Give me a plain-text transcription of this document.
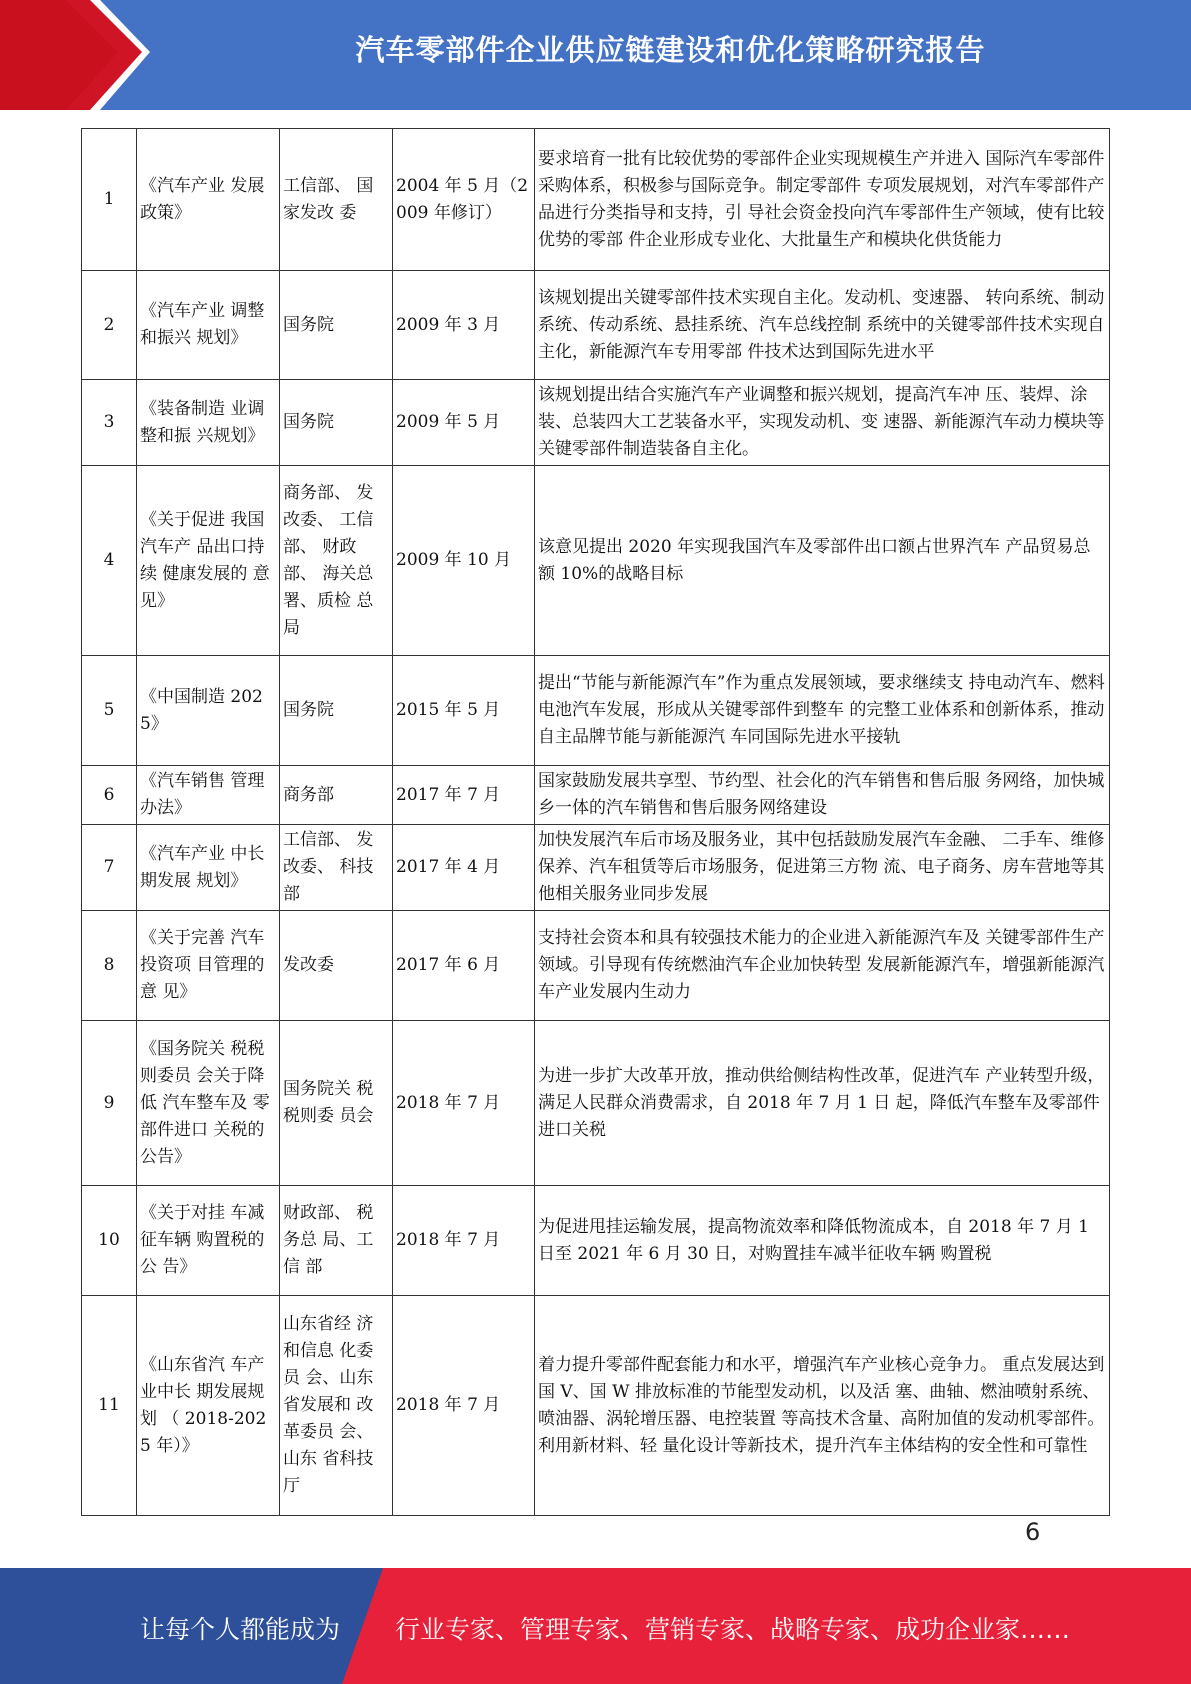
汽车零部件企业供应链建设和优化策略研究报告
1	《汽车产业 发展政策》	工信部、 国家发改 委	2004 年 5 月（2009 年修订）	要求培育一批有比较优势的零部件企业实现规模生产并进入 国际汽车零部件采购体系，积极参与国际竞争。制定零部件 专项发展规划，对汽车零部件产品进行分类指导和支持，引 导社会资金投向汽车零部件生产领域，使有比较优势的零部 件企业形成专业化、大批量生产和模块化供货能力
2	《汽车产业 调整和振兴 规划》	国务院	2009 年 3 月	该规划提出关键零部件技术实现自主化。发动机、变速器、 转向系统、制动系统、传动系统、悬挂系统、汽车总线控制 系统中的关键零部件技术实现自主化，新能源汽车专用零部 件技术达到国际先进水平
3	《装备制造 业调整和振 兴规划》	国务院	2009 年 5 月	该规划提出结合实施汽车产业调整和振兴规划，提高汽车冲 压、装焊、涂装、总装四大工艺装备水平，实现发动机、变 速器、新能源汽车动力模块等关键零部件制造装备自主化。
4	《关于促进 我国汽车产 品出口持续 健康发展的 意见》	商务部、 发改委、 工信部、 财政部、 海关总署、质检 总局	2009 年 10 月	该意见提出 2020 年实现我国汽车及零部件出口额占世界汽车 产品贸易总额 10%的战略目标
5	《中国制造 2025》	国务院	2015 年 5 月	提出“节能与新能源汽车”作为重点发展领域，要求继续支 持电动汽车、燃料电池汽车发展，形成从关键零部件到整车 的完整工业体系和创新体系，推动自主品牌节能与新能源汽 车同国际先进水平接轨
6	《汽车销售 管理办法》	商务部	2017 年 7 月	国家鼓励发展共享型、节约型、社会化的汽车销售和售后服 务网络，加快城乡一体的汽车销售和售后服务网络建设
7	《汽车产业 中长期发展 规划》	工信部、 发改委、 科技部	2017 年 4 月	加快发展汽车后市场及服务业，其中包括鼓励发展汽车金融、 二手车、维修保养、汽车租赁等后市场服务，促进第三方物 流、电子商务、房车营地等其他相关服务业同步发展
8	《关于完善 汽车投资项 目管理的意 见》	发改委	2017 年 6 月	支持社会资本和具有较强技术能力的企业进入新能源汽车及 关键零部件生产领域。引导现有传统燃油汽车企业加快转型 发展新能源汽车，增强新能源汽车产业发展内生动力
9	《国务院关 税税则委员 会关于降低 汽车整车及 零部件进口 关税的公告》	国务院关 税税则委 员会	2018 年 7 月	为进一步扩大改革开放，推动供给侧结构性改革，促进汽车 产业转型升级，满足人民群众消费需求，自 2018 年 7 月 1 日 起，降低汽车整车及零部件进口关税
10	《关于对挂 车减征车辆 购置税的公 告》	财政部、 税务总 局、工信 部	2018 年 7 月	为促进甩挂运输发展，提高物流效率和降低物流成本，自 2018 年 7 月 1 日至 2021 年 6 月 30 日，对购置挂车减半征收车辆 购置税
11	《山东省汽 车产业中长 期发展规划 （ 2018-2025 年）》	山东省经 济和信息 化委员 会、山东 省发展和 改革委员 会、山东 省科技厅	2018 年 7 月	着力提升零部件配套能力和水平，增强汽车产业核心竞争力。 重点发展达到国 V、国 W 排放标准的节能型发动机，以及活 塞、曲轴、燃油喷射系统、喷油器、涡轮增压器、电控装置 等高技术含量、高附加值的发动机零部件。利用新材料、轻 量化设计等新技术，提升汽车主体结构的安全性和可靠性
6
让每个人都能成为 行业专家、管理专家、营销专家、战略专家、成功企业家……
